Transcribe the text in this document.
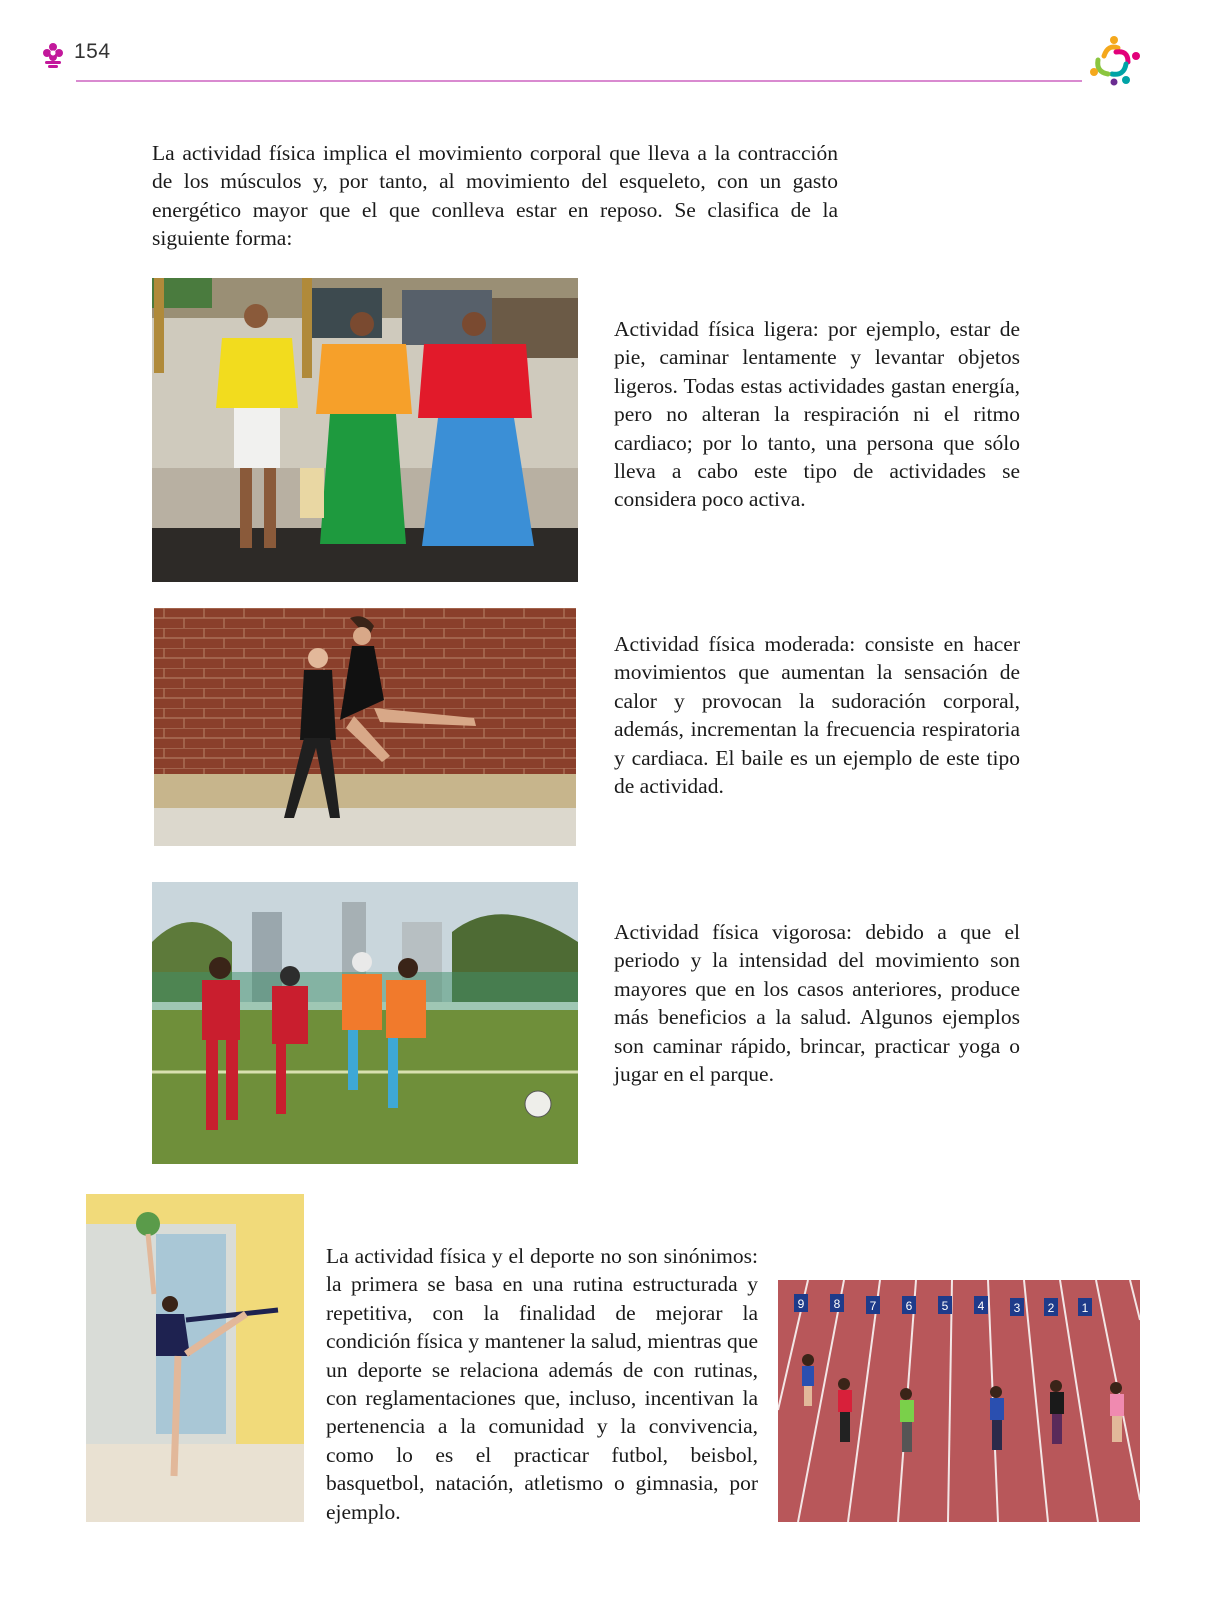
154

La actividad física implica el movimiento corporal que lleva a la contracción de los músculos y, por tanto, al movimiento del esqueleto, con un gasto energético mayor que el que conlleva estar en reposo. Se clasifica de la siguiente forma:

Actividad física ligera: por ejemplo, estar de pie, caminar lentamente y levantar objetos ligeros. Todas estas actividades gastan energía, pero no alteran la respiración ni el ritmo cardiaco; por lo tanto, una persona que sólo lleva a cabo este tipo de actividades se considera poco activa.

Actividad física moderada: consiste en hacer movimientos que aumentan la sensación de calor y provocan la sudoración corporal, además, incrementan la frecuencia respiratoria y cardiaca. El baile es un ejemplo de este tipo de actividad.

Actividad física vigorosa: debido a que el periodo y la intensidad del movimiento son mayores que en los casos anteriores, produce más beneficios a la salud. Algunos ejemplos son caminar rápido, brincar, practicar yoga o jugar en el parque.

La actividad física y el deporte no son sinónimos: la primera se basa en una rutina estructurada y repetitiva, con la finalidad de mejorar la condición física y mantener la salud, mientras que un deporte se relaciona además de con rutinas, con reglamentaciones que, incluso, incentivan la pertenencia a la comunidad y la convivencia, como lo es el practicar futbol, beisbol, basquetbol, natación, atletismo o gimnasia, por ejemplo.

9 8 7 6 5 4 3 2 1
